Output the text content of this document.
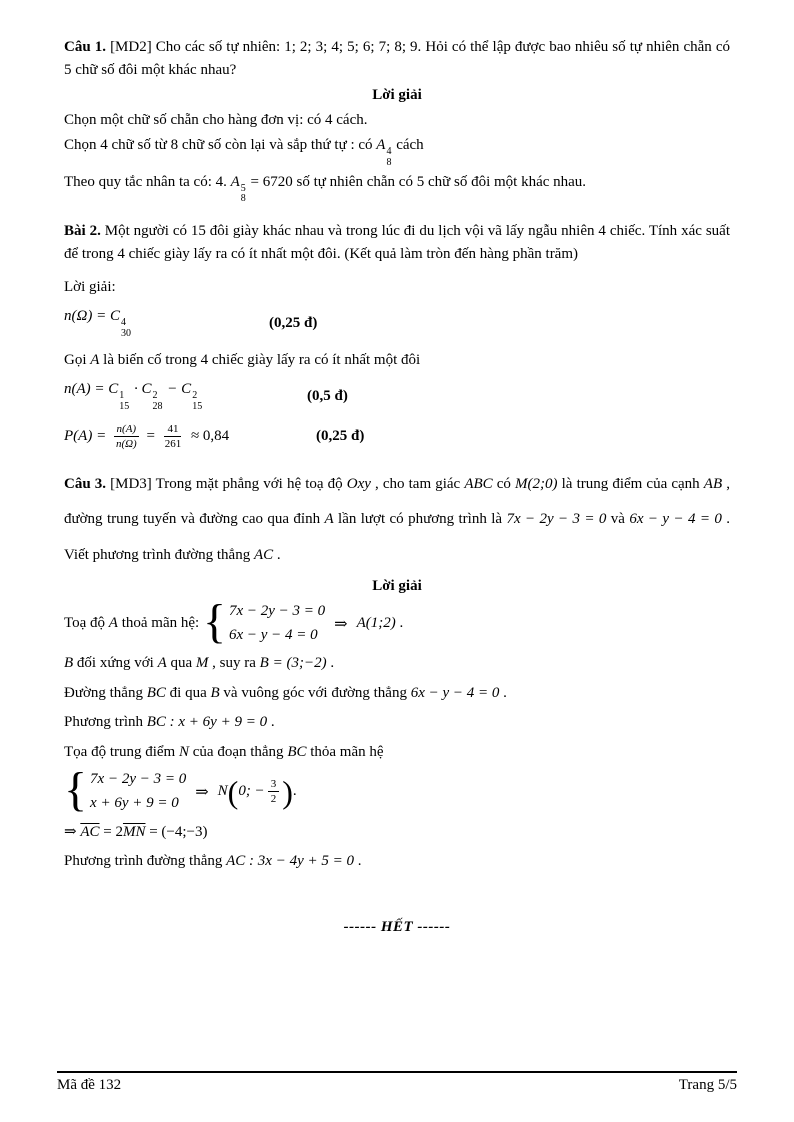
Câu 1. [MD2] Cho các số tự nhiên: 1; 2; 3; 4; 5; 6; 7; 8; 9. Hỏi có thể lập được bao nhiêu số tự nhiên chẵn có 5 chữ số đôi một khác nhau?

Lời giải

Chọn một chữ số chẵn cho hàng đơn vị: có 4 cách.

Chọn 4 chữ số từ 8 chữ số còn lại và sắp thứ tự : có A 4
8
cách

Theo quy tắc nhân ta có: 4. A 5
8
= 6720 số tự nhiên chẵn có 5 chữ số đôi một khác nhau.

Bài 2. Một người có 15 đôi giày khác nhau và trong lúc đi du lịch vội vã lấy ngẫu nhiên 4 chiếc. Tính xác suất để trong 4 chiếc giày lấy ra có ít nhất một đôi. (Kết quả làm tròn đến hàng phần trăm)

Lời giải:

n(Ω) = C 4
30
(0,25 đ)

Gọi A là biến cố trong 4 chiếc giày lấy ra có ít nhất một đôi

n(A) = C 1
15
· C 2
28
− C 2
15
(0,5 đ)
$P(A) = \frac{n(A)}{n(\Omega)} = \frac{41}{261} \approx 0,84$	(0,25 đ)

Câu 3. [MD3] Trong mặt phẳng với hệ toạ độ Oxy , cho tam giác ABC có M(2;0) là trung điểm của cạnh AB , đường trung tuyến và đường cao qua đỉnh A lần lượt có phương trình là 7x − 2y − 3 = 0 và 6x − y − 4 = 0 . Viết phương trình đường thẳng AC .

Lời giải

Toạ độ A thoả mãn hệ: { 7x − 2y − 3 = 0
6x − y − 4 = 0
⇒ A(1;2) .

B đối xứng với A qua M , suy ra B = (3;−2) .

Đường thẳng BC đi qua B và vuông góc với đường thẳng 6x − y − 4 = 0 .

Phương trình BC : x + 6y + 9 = 0 .

Tọa độ trung điểm N của đoạn thẳng BC thỏa mãn hệ

{ 7x − 2y − 3 = 0
x + 6y + 9 = 0
⇒ N ( 0; − $\frac{3}{2}$ ) .

⇒ $\overline{AC} = 2\overline{MN}$ = (−4;−3)

Phương trình đường thẳng AC : 3x − 4y + 5 = 0 .

------ HẾT ------

Mã đề 132	Trang 5/5
